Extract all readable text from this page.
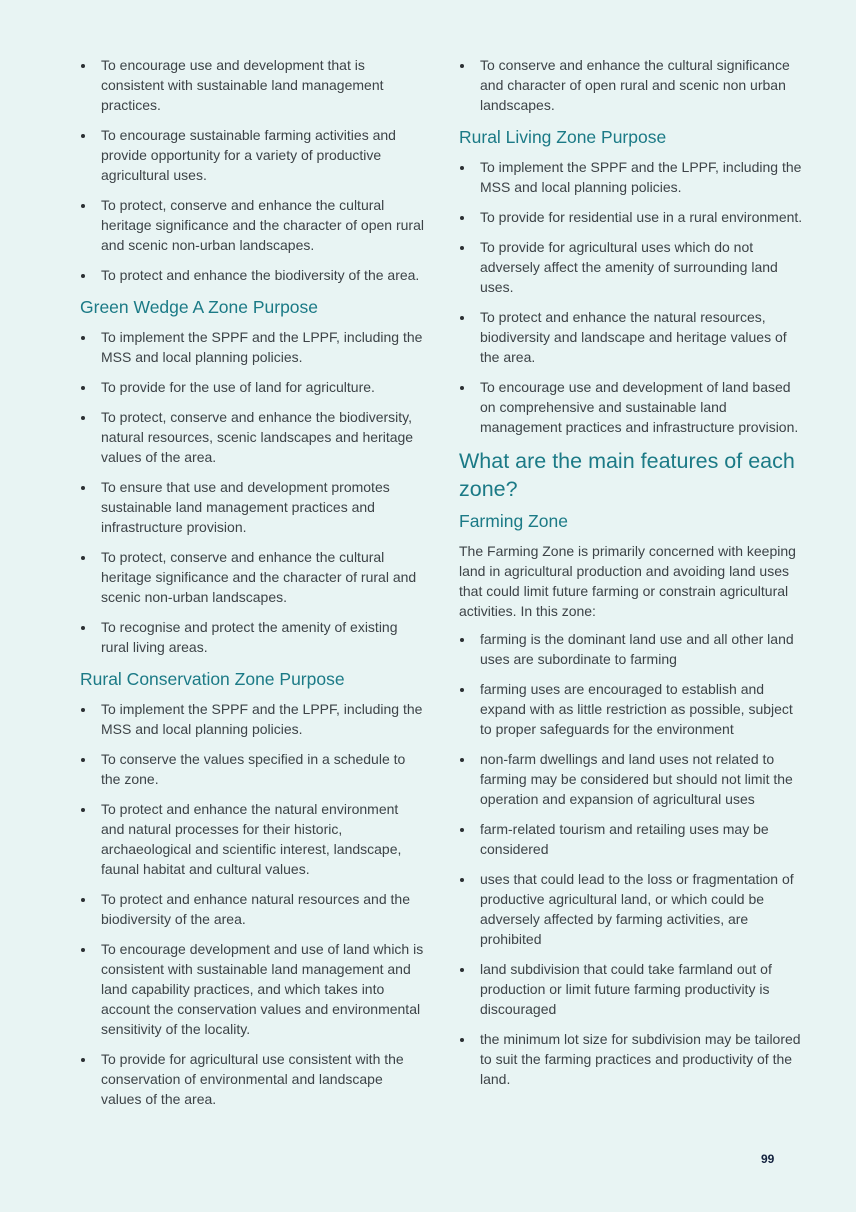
To encourage use and development that is consistent with sustainable land management practices.
To encourage sustainable farming activities and provide opportunity for a variety of productive agricultural uses.
To protect, conserve and enhance the cultural heritage significance and the character of open rural and scenic non-urban landscapes.
To protect and enhance the biodiversity of the area.
Green Wedge A Zone Purpose
To implement the SPPF and the LPPF, including the MSS and local planning policies.
To provide for the use of land for agriculture.
To protect, conserve and enhance the biodiversity, natural resources, scenic landscapes and heritage values of the area.
To ensure that use and development promotes sustainable land management practices and infrastructure provision.
To protect, conserve and enhance the cultural heritage significance and the character of rural and scenic non-urban landscapes.
To recognise and protect the amenity of existing rural living areas.
Rural Conservation Zone Purpose
To implement the SPPF and the LPPF, including the MSS and local planning policies.
To conserve the values specified in a schedule to the zone.
To protect and enhance the natural environment and natural processes for their historic, archaeological and scientific interest, landscape, faunal habitat and cultural values.
To protect and enhance natural resources and the biodiversity of the area.
To encourage development and use of land which is consistent with sustainable land management and land capability practices, and which takes into account the conservation values and environmental sensitivity of the locality.
To provide for agricultural use consistent with the conservation of environmental and landscape values of the area.
To conserve and enhance the cultural significance and character of open rural and scenic non urban landscapes.
Rural Living Zone Purpose
To implement the SPPF and the LPPF, including the MSS and local planning policies.
To provide for residential use in a rural environment.
To provide for agricultural uses which do not adversely affect the amenity of surrounding land uses.
To protect and enhance the natural resources, biodiversity and landscape and heritage values of the area.
To encourage use and development of land based on comprehensive and sustainable land management practices and infrastructure provision.
What are the main features of each zone?
Farming Zone

The Farming Zone is primarily concerned with keeping land in agricultural production and avoiding land uses that could limit future farming or constrain agricultural activities. In this zone:

farming is the dominant land use and all other land uses are subordinate to farming
farming uses are encouraged to establish and expand with as little restriction as possible, subject to proper safeguards for the environment
non-farm dwellings and land uses not related to farming may be considered but should not limit the operation and expansion of agricultural uses
farm-related tourism and retailing uses may be considered
uses that could lead to the loss or fragmentation of productive agricultural land, or which could be adversely affected by farming activities, are prohibited
land subdivision that could take farmland out of production or limit future farming productivity is discouraged
the minimum lot size for subdivision may be tailored to suit the farming practices and productivity of the land.
99
